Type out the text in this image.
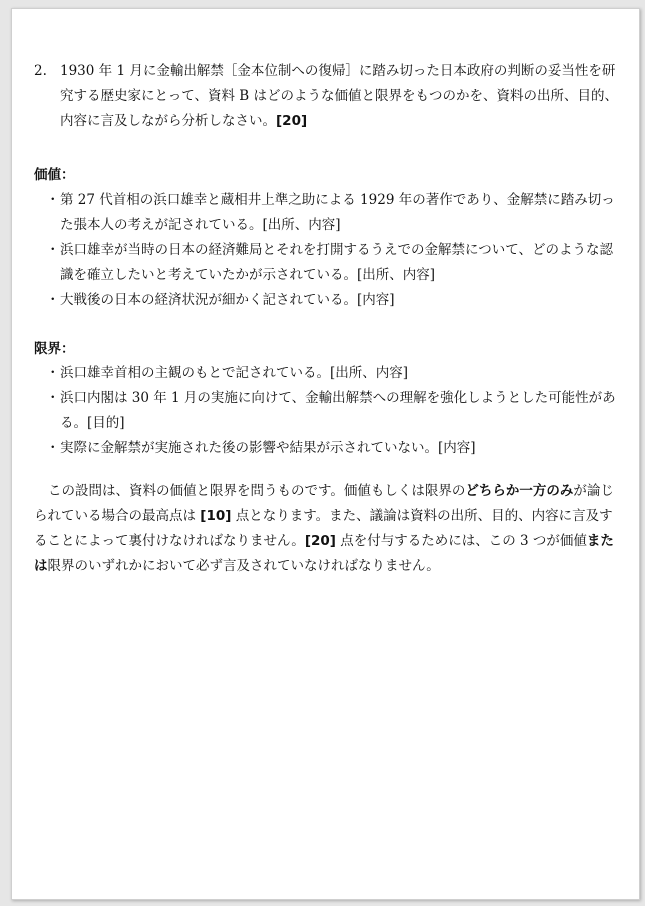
2. 1930 年 1 月に金輸出解禁［金本位制への復帰］に踏み切った日本政府の判断の妥当性を研究する歴史家にとって、資料 B はどのような価値と限界をもつのかを、資料の出所、目的、内容に言及しながら分析しなさい。[20]
価値：
・ 第 27 代首相の浜口雄幸と蔵相井上準之助による 1929 年の著作であり、金解禁に踏み切った張本人の考えが記されている。[出所、内容]
・ 浜口雄幸が当時の日本の経済難局とそれを打開するうえでの金解禁について、どのような認識を確立したいと考えていたかが示されている。[出所、内容]
・ 大戦後の日本の経済状況が細かく記されている。[内容]
限界：
・ 浜口雄幸首相の主観のもとで記されている。[出所、内容]
・ 浜口内閣は 30 年 1 月の実施に向けて、金輸出解禁への理解を強化しようとした可能性がある。[目的]
・ 実際に金解禁が実施された後の影響や結果が示されていない。[内容]
この設問は、資料の価値と限界を問うものです。価値もしくは限界のどちらか一方のみが論じられている場合の最高点は [10] 点となります。また、議論は資料の出所、目的、内容に言及することによって裏付けなければなりません。[20] 点を付与するためには、この 3 つが価値または限界のいずれかにおいて必ず言及されていなければなりません。
